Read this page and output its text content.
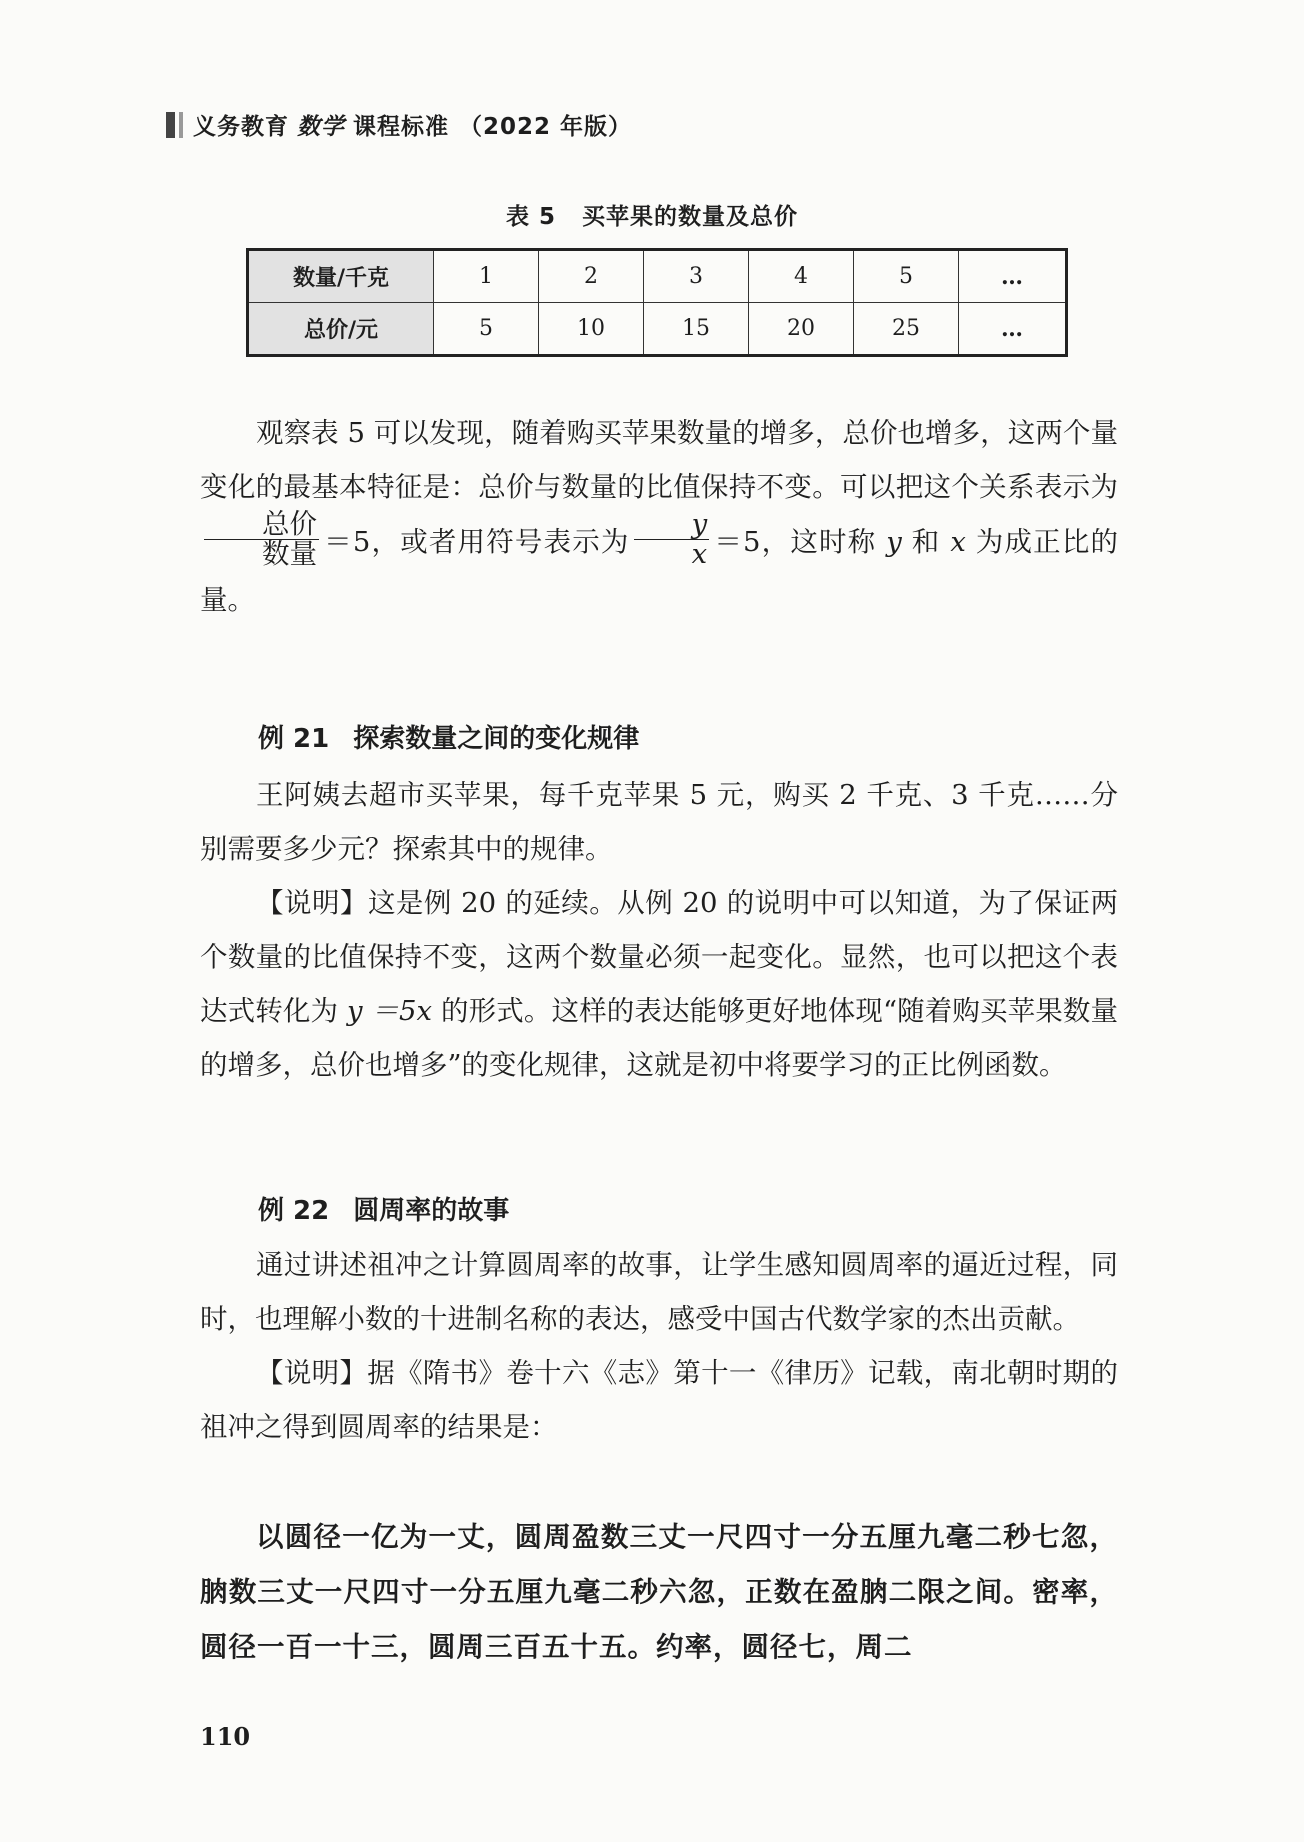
义务教育 数学 课程标准 （2022 年版）
表 5 买苹果的数量及总价
数量/千克	1	2	3	4	5	…
总价/元	5	10	15	20	25	…

观察表 5 可以发现，随着购买苹果数量的增多，总价也增多，这两个量变化的最基本特征是：总价与数量的比值保持不变。可以把这个关系表示为
$\frac{\text{总价}}{\text{数量}} =5$，或者用符号表示为 $\frac{y}{x} =5$，这时称 y 和 x 为成正比的量。

例 21 探索数量之间的变化规律

王阿姨去超市买苹果，每千克苹果 5 元，购买 2 千克、3 千克……分别需要多少元？探索其中的规律。

【说明】这是例 20 的延续。从例 20 的说明中可以知道，为了保证两个数量的比值保持不变，这两个数量必须一起变化。显然，也可以把这个表达式转化为 y ＝5x 的形式。这样的表达能够更好地体现“随着购买苹果数量的增多，总价也增多”的变化规律，这就是初中将要学习的正比例函数。

例 22 圆周率的故事

通过讲述祖冲之计算圆周率的故事，让学生感知圆周率的逼近过程，同时，也理解小数的十进制名称的表达，感受中国古代数学家的杰出贡献。

【说明】据《隋书》卷十六《志》第十一《律历》记载，南北朝时期的祖冲之得到圆周率的结果是：

以圆径一亿为一丈，圆周盈数三丈一尺四寸一分五厘九毫二秒七忽，朒数三丈一尺四寸一分五厘九毫二秒六忽，正数在盈朒二限之间。密率，圆径一百一十三，圆周三百五十五。约率，圆径七，周二
110
